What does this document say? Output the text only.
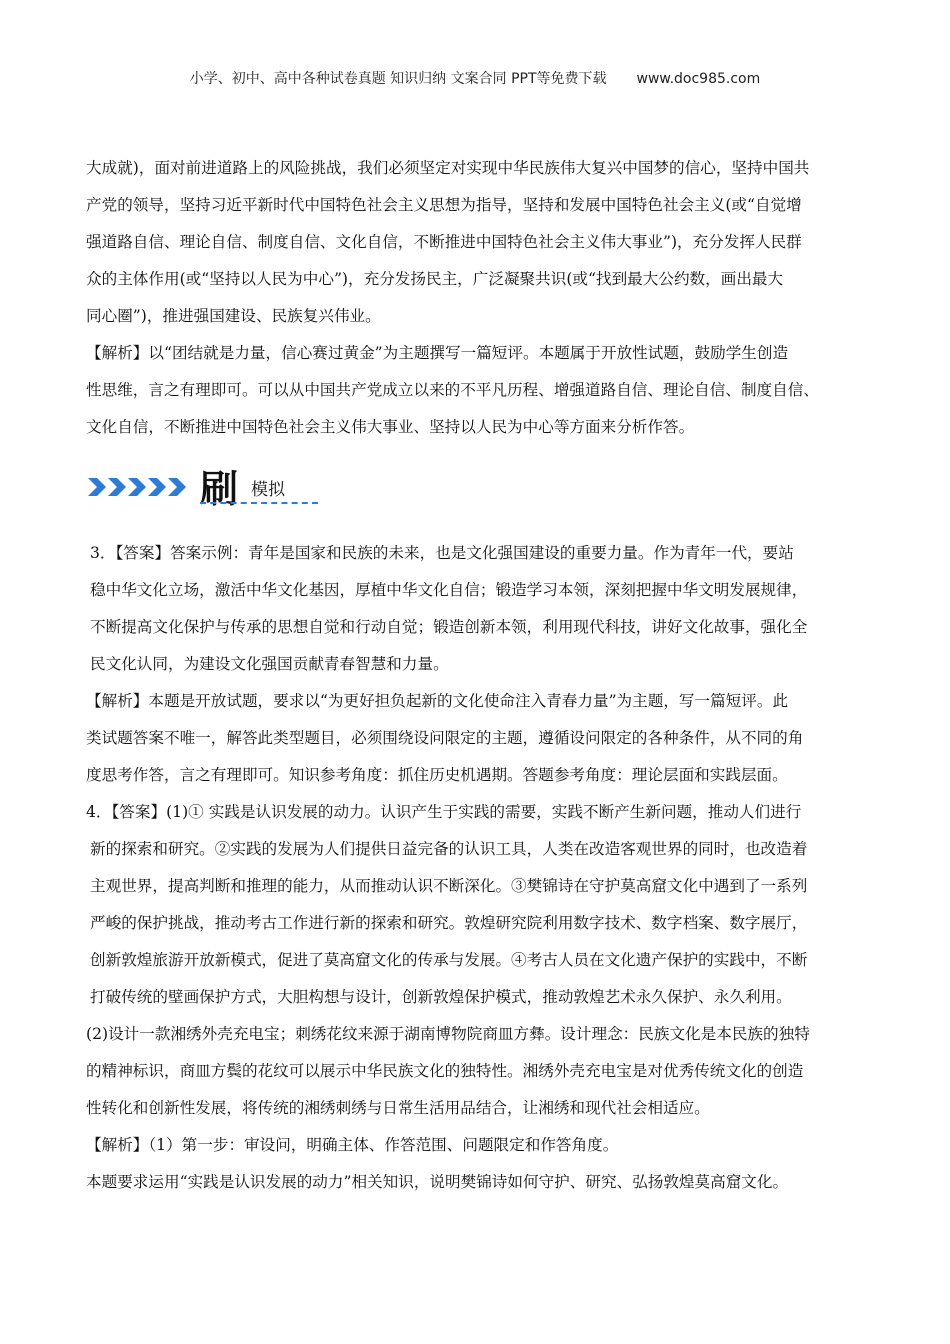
小学、初中、高中各种试卷真题 知识归纳 文案合同 PPT等免费下载 www.doc985.com
大成就)，面对前进道路上的风险挑战，我们必须坚定对实现中华民族伟大复兴中国梦的信心，坚持中国共
产党的领导，坚持习近平新时代中国特色社会主义思想为指导，坚持和发展中国特色社会主义(或“自觉增
强道路自信、理论自信、制度自信、文化自信，不断推进中国特色社会主义伟大事业”)，充分发挥人民群
众的主体作用(或“坚持以人民为中心”)，充分发扬民主，广泛凝聚共识(或“找到最大公约数，画出最大
同心圈”)，推进强国建设、民族复兴伟业。
【解析】以“团结就是力量，信心赛过黄金”为主题撰写一篇短评。本题属于开放性试题，鼓励学生创造
性思维，言之有理即可。可以从中国共产党成立以来的不平凡历程、增强道路自信、理论自信、制度自信、
文化自信，不断推进中国特色社会主义伟大事业、坚持以人民为中心等方面来分析作答。
刷 模拟
3．【答案】答案示例：青年是国家和民族的未来，也是文化强国建设的重要力量。作为青年一代，要站
稳中华文化立场，激活中华文化基因，厚植中华文化自信；锻造学习本领，深刻把握中华文明发展规律，
不断提高文化保护与传承的思想自觉和行动自觉；锻造创新本领，利用现代科技，讲好文化故事，强化全
民文化认同，为建设文化强国贡献青春智慧和力量。
【解析】本题是开放试题，要求以“为更好担负起新的文化使命注入青春力量”为主题，写一篇短评。此
类试题答案不唯一，解答此类型题目，必须围绕设问限定的主题，遵循设问限定的各种条件，从不同的角
度思考作答，言之有理即可。知识参考角度：抓住历史机遇期。答题参考角度：理论层面和实践层面。
4．【答案】(1)① 实践是认识发展的动力。认识产生于实践的需要，实践不断产生新问题，推动人们进行
新的探索和研究。②实践的发展为人们提供日益完备的认识工具，人类在改造客观世界的同时，也改造着
主观世界，提高判断和推理的能力，从而推动认识不断深化。③樊锦诗在守护莫高窟文化中遇到了一系列
严峻的保护挑战，推动考古工作进行新的探索和研究。敦煌研究院利用数字技术、数字档案、数字展厅，
创新敦煌旅游开放新模式，促进了莫高窟文化的传承与发展。④考古人员在文化遗产保护的实践中，不断
打破传统的壁画保护方式，大胆构想与设计，创新敦煌保护模式，推动敦煌艺术永久保护、永久利用。
(2)设计一款湘绣外壳充电宝；刺绣花纹来源于湖南博物院商皿方彝。设计理念：民族文化是本民族的独特
的精神标识，商皿方鬓的花纹可以展示中华民族文化的独特性。湘绣外壳充电宝是对优秀传统文化的创造
性转化和创新性发展，将传统的湘绣刺绣与日常生活用品结合，让湘绣和现代社会相适应。
【解析】（1）第一步：审设问，明确主体、作答范围、问题限定和作答角度。
本题要求运用“实践是认识发展的动力”相关知识，说明樊锦诗如何守护、研究、弘扬敦煌莫高窟文化。
